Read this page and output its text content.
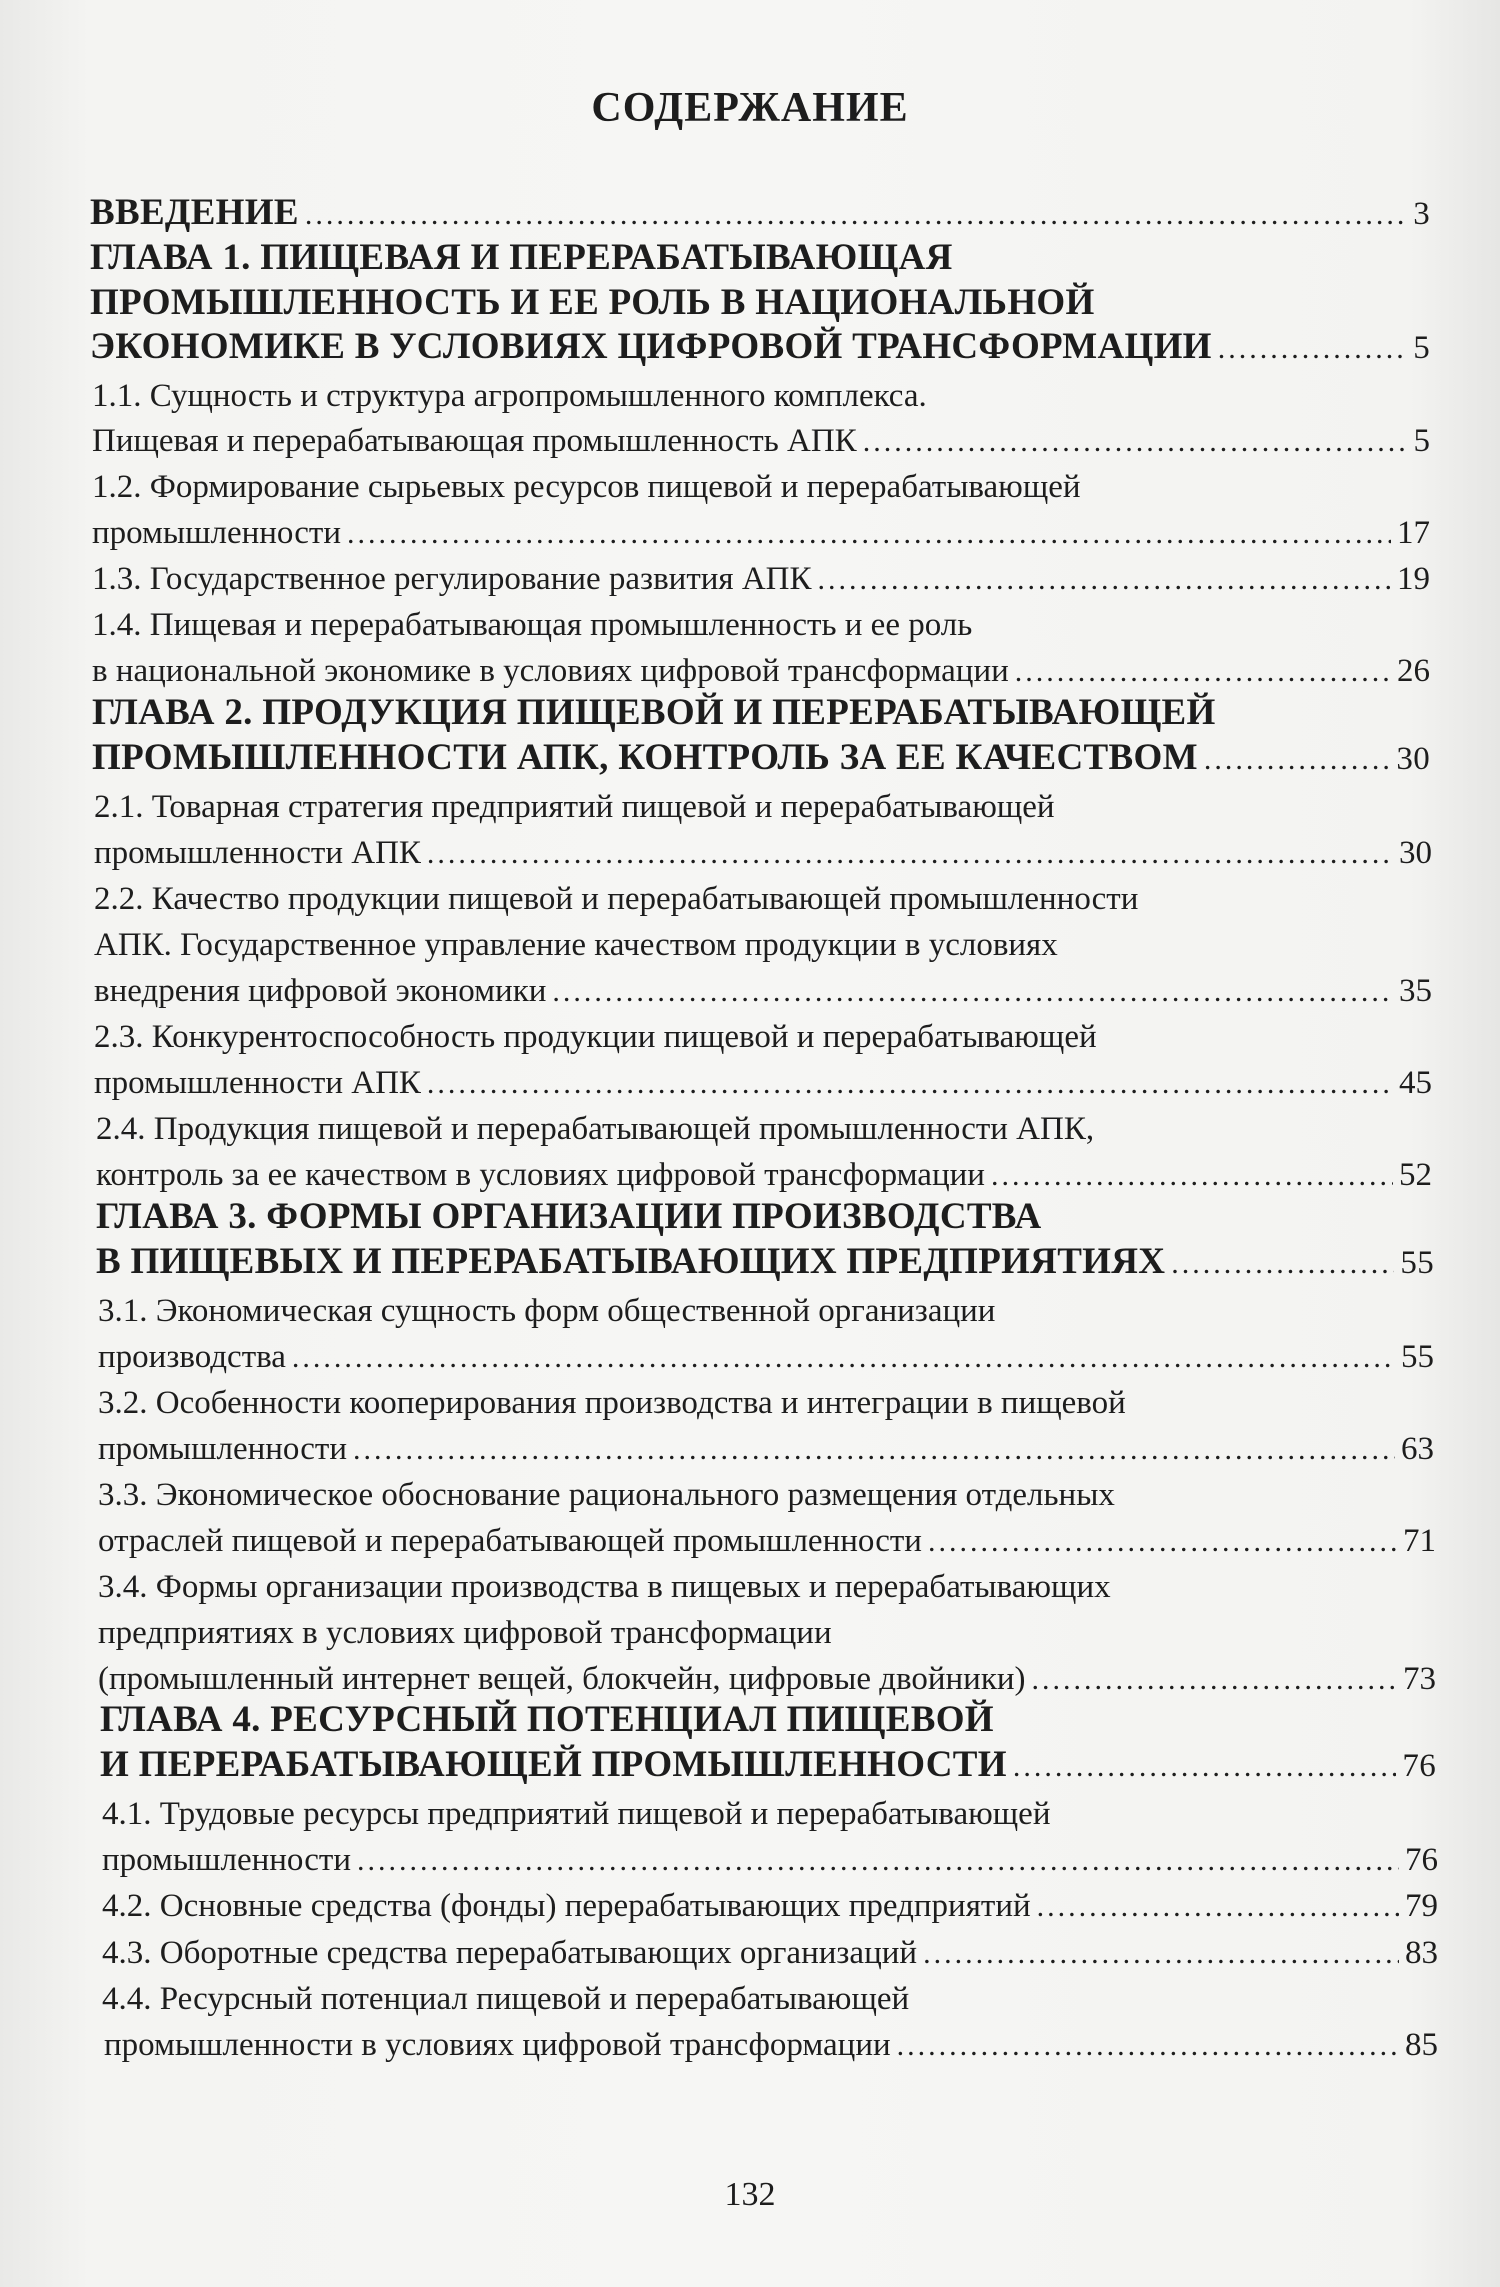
СОДЕРЖАНИЕ
ВВЕДЕНИЕ .....	3
ГЛАВА 1. ПИЩЕВАЯ И ПЕРЕРАБАТЫВАЮЩАЯ
ПРОМЫШЛЕННОСТЬ И ЕЕ РОЛЬ В НАЦИОНАЛЬНОЙ
ЭКОНОМИКЕ В УСЛОВИЯХ ЦИФРОВОЙ ТРАНСФОРМАЦИИ .....	5
1.1. Сущность и структура агропромышленного комплекса.
Пищевая и перерабатывающая промышленность АПК .....	5
1.2. Формирование сырьевых ресурсов пищевой и перерабатывающей
промышленности .....	17
1.3. Государственное регулирование развития АПК .....	19
1.4. Пищевая и перерабатывающая промышленность и ее роль
в национальной экономике в условиях цифровой трансформации .....	26
ГЛАВА 2. ПРОДУКЦИЯ ПИЩЕВОЙ И ПЕРЕРАБАТЫВАЮЩЕЙ
ПРОМЫШЛЕННОСТИ АПК, КОНТРОЛЬ ЗА ЕЕ КАЧЕСТВОМ .....	30
2.1. Товарная стратегия предприятий пищевой и перерабатывающей
промышленности АПК .....	30
2.2. Качество продукции пищевой и перерабатывающей промышленности
АПК. Государственное управление качеством продукции в условиях
внедрения цифровой экономики .....	35
2.3. Конкурентоспособность продукции пищевой и перерабатывающей
промышленности АПК .....	45
2.4. Продукция пищевой и перерабатывающей промышленности АПК,
контроль за ее качеством в условиях цифровой трансформации .....	52
ГЛАВА 3. ФОРМЫ ОРГАНИЗАЦИИ ПРОИЗВОДСТВА
В ПИЩЕВЫХ И ПЕРЕРАБАТЫВАЮЩИХ ПРЕДПРИЯТИЯХ .....	55
3.1. Экономическая сущность форм общественной организации
производства .....	55
3.2. Особенности кооперирования производства и интеграции в пищевой
промышленности .....	63
3.3. Экономическое обоснование рационального размещения отдельных
отраслей пищевой и перерабатывающей промышленности .....	71
3.4. Формы организации производства в пищевых и перерабатывающих
предприятиях в условиях цифровой трансформации
(промышленный интернет вещей, блокчейн, цифровые двойники) .....	73
ГЛАВА 4. РЕСУРСНЫЙ ПОТЕНЦИАЛ ПИЩЕВОЙ
И ПЕРЕРАБАТЫВАЮЩЕЙ ПРОМЫШЛЕННОСТИ .....	76
4.1. Трудовые ресурсы предприятий пищевой и перерабатывающей
промышленности .....	76
4.2. Основные средства (фонды) перерабатывающих предприятий .....	79
4.3. Оборотные средства перерабатывающих организаций .....	83
4.4. Ресурсный потенциал пищевой и перерабатывающей
промышленности в условиях цифровой трансформации .....	85
132
